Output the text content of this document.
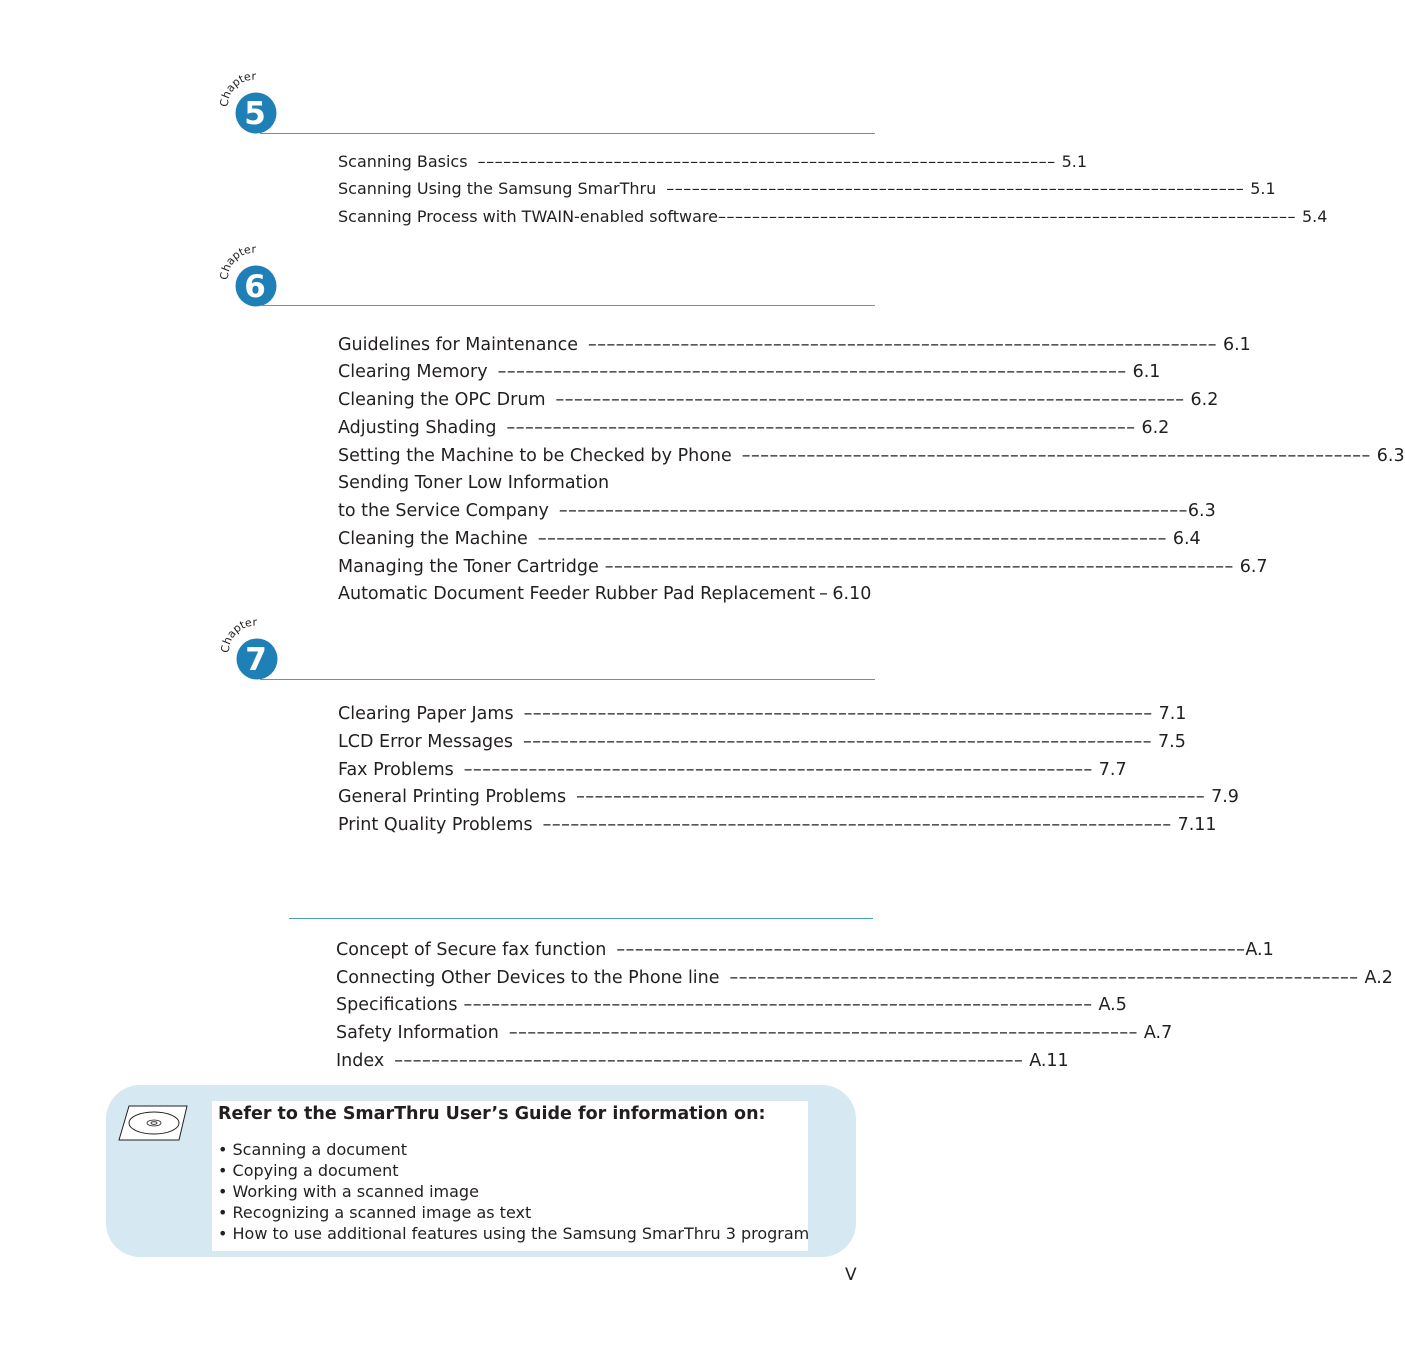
5
Chapter
Scanning Basics –––––––––––––––––––––––––––––––––––––––––––––––––––––––––––––––––––– 5.1
Scanning Using the Samsung SmarThru –––––––––––––––––––––––––––––––––––––––––––––––––––––––––––––––––––– 5.1
Scanning Process with TWAIN-enabled software –––––––––––––––––––––––––––––––––––––––––––––––––––––––––––––––––––– 5.4
6
Chapter
Guidelines for Maintenance –––––––––––––––––––––––––––––––––––––––––––––––––––––––––––––––––––– 6.1
Clearing Memory –––––––––––––––––––––––––––––––––––––––––––––––––––––––––––––––––––– 6.1
Cleaning the OPC Drum –––––––––––––––––––––––––––––––––––––––––––––––––––––––––––––––––––– 6.2
Adjusting Shading –––––––––––––––––––––––––––––––––––––––––––––––––––––––––––––––––––– 6.2
Setting the Machine to be Checked by Phone –––––––––––––––––––––––––––––––––––––––––––––––––––––––––––––––––––– 6.3
Sending Toner Low Information
to the Service Company –––––––––––––––––––––––––––––––––––––––––––––––––––––––––––––––––––– 6.3
Cleaning the Machine –––––––––––––––––––––––––––––––––––––––––––––––––––––––––––––––––––– 6.4
Managing the Toner Cartridge –––––––––––––––––––––––––––––––––––––––––––––––––––––––––––––––––––– 6.7
Automatic Document Feeder Rubber Pad Replacement – 6.10
7
Chapter
Clearing Paper Jams –––––––––––––––––––––––––––––––––––––––––––––––––––––––––––––––––––– 7.1
LCD Error Messages –––––––––––––––––––––––––––––––––––––––––––––––––––––––––––––––––––– 7.5
Fax Problems –––––––––––––––––––––––––––––––––––––––––––––––––––––––––––––––––––– 7.7
General Printing Problems –––––––––––––––––––––––––––––––––––––––––––––––––––––––––––––––––––– 7.9
Print Quality Problems –––––––––––––––––––––––––––––––––––––––––––––––––––––––––––––––––––– 7.11
Concept of Secure fax function –––––––––––––––––––––––––––––––––––––––––––––––––––––––––––––––––––– A.1
Connecting Other Devices to the Phone line –––––––––––––––––––––––––––––––––––––––––––––––––––––––––––––––––––– A.2
Specifications –––––––––––––––––––––––––––––––––––––––––––––––––––––––––––––––––––– A.5
Safety Information –––––––––––––––––––––––––––––––––––––––––––––––––––––––––––––––––––– A.7
Index –––––––––––––––––––––––––––––––––––––––––––––––––––––––––––––––––––– A.11
Refer to the SmarThru User’s Guide for information on:
• Scanning a document
• Copying a document
• Working with a scanned image
• Recognizing a scanned image as text
• How to use additional features using the Samsung SmarThru 3 program
V
